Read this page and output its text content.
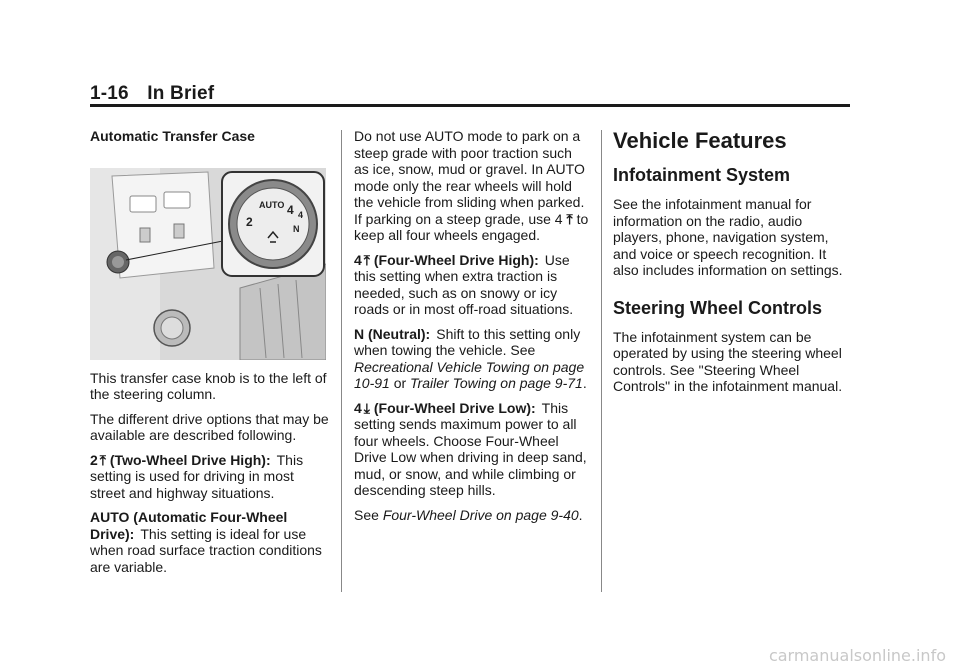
1-16 In Brief

Automatic Transfer Case

AUTO 4
2	N
4

This transfer case knob is to the left of the steering column.

The different drive options that may be available are described following.

2 ⤒ (Two-Wheel Drive High): This setting is used for driving in most street and highway situations.

AUTO (Automatic Four-Wheel Drive): This setting is ideal for use when road surface traction conditions are variable.

Do not use AUTO mode to park on a steep grade with poor traction such as ice, snow, mud or gravel. In AUTO mode only the rear wheels will hold the vehicle from sliding when parked. If parking on a steep grade, use 4 ⤒ to keep all four wheels engaged.

4 ⤒ (Four-Wheel Drive High): Use this setting when extra traction is needed, such as on snowy or icy roads or in most off-road situations.

N (Neutral): Shift to this setting only when towing the vehicle. See Recreational Vehicle Towing on page 10-91 or Trailer Towing on page 9-71.

4 ⤓ (Four-Wheel Drive Low): This setting sends maximum power to all four wheels. Choose Four-Wheel Drive Low when driving in deep sand, mud, or snow, and while climbing or descending steep hills.

See Four-Wheel Drive on page 9-40.

Vehicle Features
Infotainment System

See the infotainment manual for information on the radio, audio players, phone, navigation system, and voice or speech recognition. It also includes information on settings.

Steering Wheel Controls

The infotainment system can be operated by using the steering wheel controls. See "Steering Wheel Controls" in the infotainment manual.

carmanualsonline.info
